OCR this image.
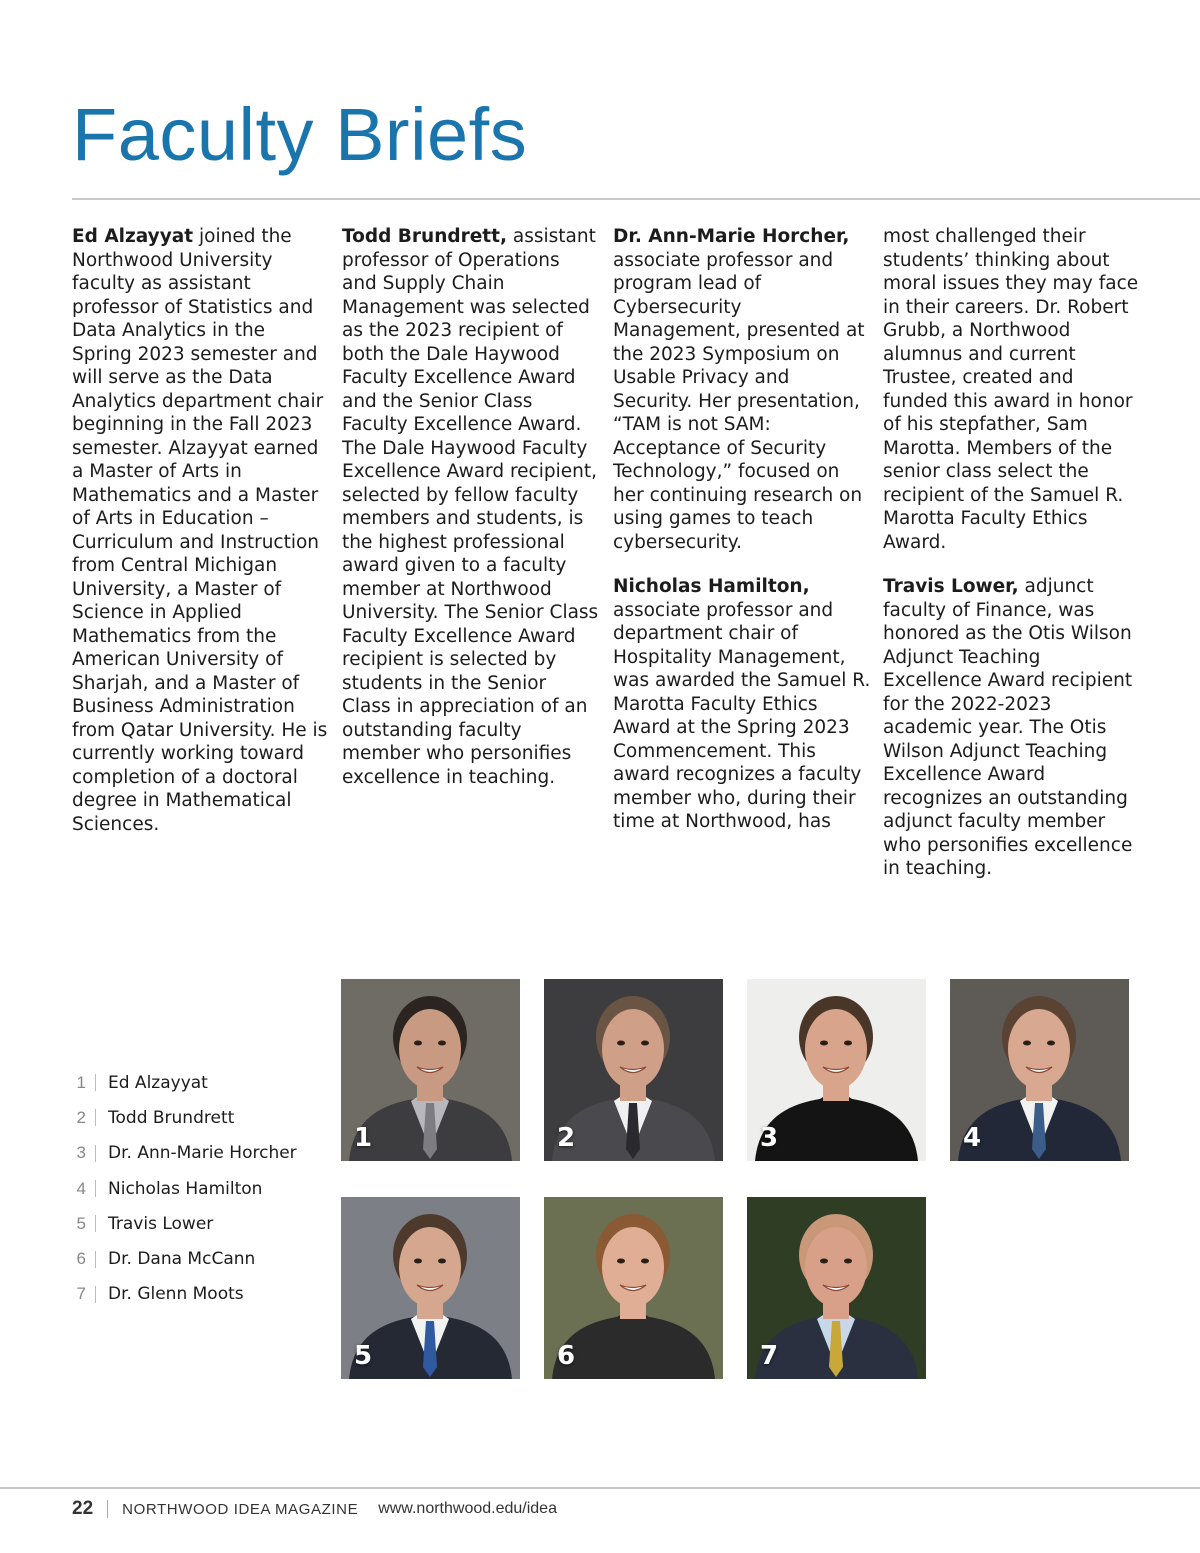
Faculty Briefs

Ed Alzayyat joined the Northwood University faculty as assistant professor of Statistics and Data Analytics in the Spring 2023 semester and will serve as the Data Analytics department chair beginning in the Fall 2023 semester. Alzayyat earned a Master of Arts in Mathematics and a Master of Arts in Education – Curriculum and Instruction from Central Michigan University, a Master of Science in Applied Mathematics from the American University of Sharjah, and a Master of Business Administration from Qatar University. He is currently working toward completion of a doctoral degree in Mathematical Sciences.

Todd Brundrett, assistant professor of Operations and Supply Chain Management was selected as the 2023 recipient of both the Dale Haywood Faculty Excellence Award and the Senior Class Faculty Excellence Award. The Dale Haywood Faculty Excellence Award recipient, selected by fellow faculty members and students, is the highest professional award given to a faculty member at Northwood University. The Senior Class Faculty Excellence Award recipient is selected by students in the Senior Class in appreciation of an outstanding faculty member who personifies excellence in teaching.

Dr. Ann-Marie Horcher, associate professor and program lead of Cybersecurity Management, presented at the 2023 Symposium on Usable Privacy and Security. Her presentation, “TAM is not SAM: Acceptance of Security Technology,” focused on her continuing research on using games to teach cybersecurity.

Nicholas Hamilton, associate professor and department chair of Hospitality Management, was awarded the Samuel R. Marotta Faculty Ethics Award at the Spring 2023 Commencement. This award recognizes a faculty member who, during their time at Northwood, has

most challenged their students’ thinking about moral issues they may face in their careers. Dr. Robert Grubb, a Northwood alumnus and current Trustee, created and funded this award in honor of his stepfather, Sam Marotta. Members of the senior class select the recipient of the Samuel R. Marotta Faculty Ethics Award.

Travis Lower, adjunct faculty of Finance, was honored as the Otis Wilson Adjunct Teaching Excellence Award recipient for the 2022-2023 academic year. The Otis Wilson Adjunct Teaching Excellence Award recognizes an outstanding adjunct faculty member who personifies excellence in teaching.

1 Ed Alzayyat
2 Todd Brundrett
3 Dr. Ann-Marie Horcher
4 Nicholas Hamilton
5 Travis Lower
6 Dr. Dana McCann
7 Dr. Glenn Moots
1	2	3	4
5	6	7
22 NORTHWOOD IDEA MAGAZINE www.northwood.edu/idea
